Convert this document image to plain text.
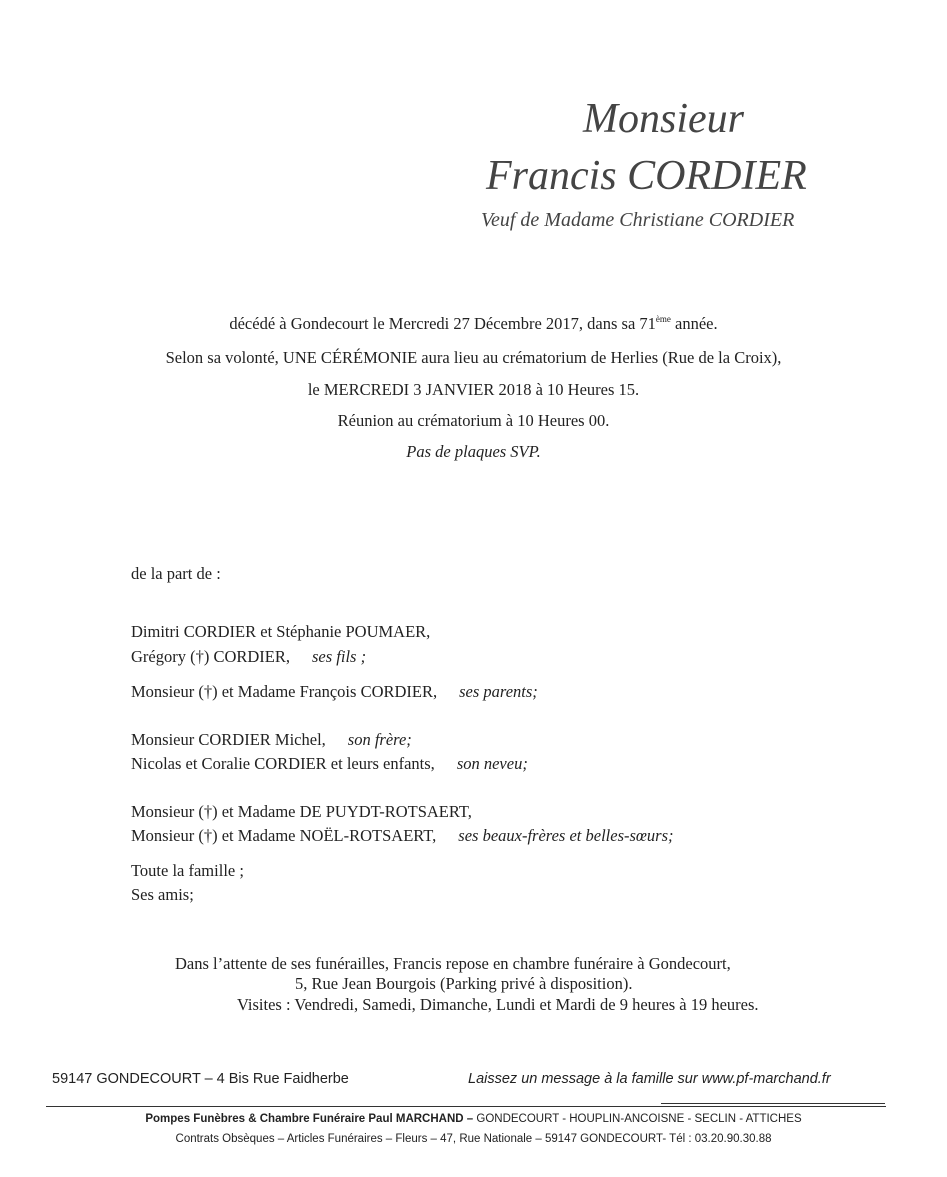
Monsieur
Francis CORDIER
Veuf de Madame Christiane CORDIER
décédé à Gondecourt le Mercredi 27 Décembre 2017, dans sa 71ème année.
Selon sa volonté, UNE CÉRÉMONIE aura lieu au crématorium de Herlies (Rue de la Croix),
le MERCREDI 3 JANVIER 2018 à 10 Heures 15.
Réunion au crématorium à 10 Heures 00.
Pas de plaques SVP.
de la part de :
Dimitri CORDIER et Stéphanie POUMAER,
Grégory (†) CORDIER, ses fils ;
Monsieur (†) et Madame François CORDIER, ses parents;
Monsieur CORDIER Michel, son frère;
Nicolas et Coralie CORDIER et leurs enfants, son neveu;
Monsieur (†) et Madame DE PUYDT-ROTSAERT,
Monsieur (†) et Madame NOËL-ROTSAERT, ses beaux-frères et belles-sœurs;
Toute la famille ;
Ses amis;
Dans l’attente de ses funérailles, Francis repose en chambre funéraire à Gondecourt,
5, Rue Jean Bourgois (Parking privé à disposition).
Visites : Vendredi, Samedi, Dimanche, Lundi et Mardi de 9 heures à 19 heures.
59147 GONDECOURT – 4 Bis Rue Faidherbe	Laissez un message à la famille sur www.pf-marchand.fr
Pompes Funèbres & Chambre Funéraire Paul MARCHAND – GONDECOURT - HOUPLIN-ANCOISNE - SECLIN - ATTICHES
Contrats Obsèques – Articles Funéraires – Fleurs – 47, Rue Nationale – 59147 GONDECOURT- Tél : 03.20.90.30.88
